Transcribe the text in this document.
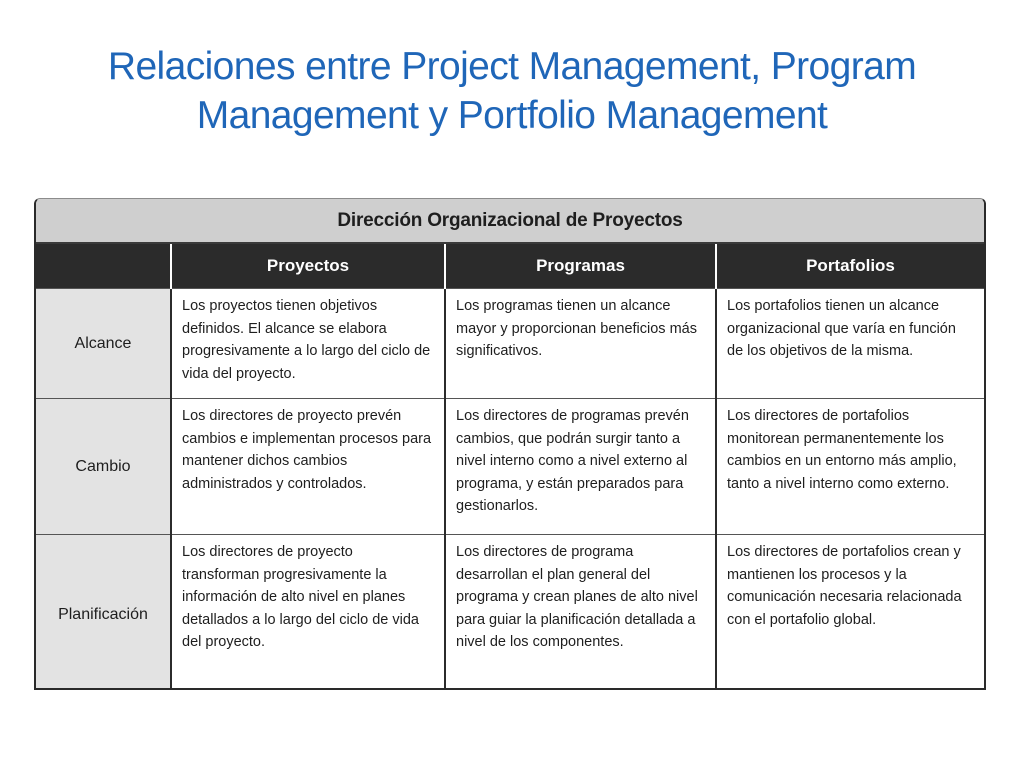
Relaciones entre Project Management, Program
Management y Portfolio Management
Dirección Organizacional de Proyectos			
	Proyectos	Programas	Portafolios
Alcance	Los proyectos tienen objetivos definidos. El alcance se elabora progresivamente a lo largo del ciclo de vida del proyecto.	Los programas tienen un alcance mayor y proporcionan beneficios más significativos.	Los portafolios tienen un alcance organizacional que varía en función de los objetivos de la misma.
Cambio	Los directores de proyecto prevén cambios e implementan procesos para mantener dichos cambios administrados y controlados.	Los directores de programas prevén cambios, que podrán surgir tanto a nivel interno como a nivel externo al programa, y están preparados para gestionarlos.	Los directores de portafolios monitorean permanentemente los cambios en un entorno más amplio, tanto a nivel interno como externo.
Planificación	Los directores de proyecto transforman progresivamente la información de alto nivel en planes detallados a lo largo del ciclo de vida del proyecto.	Los directores de programa desarrollan el plan general del programa y crean planes de alto nivel para guiar la planificación detallada a nivel de los componentes.	Los directores de portafolios crean y mantienen los procesos y la comunicación necesaria relacionada con el portafolio global.
